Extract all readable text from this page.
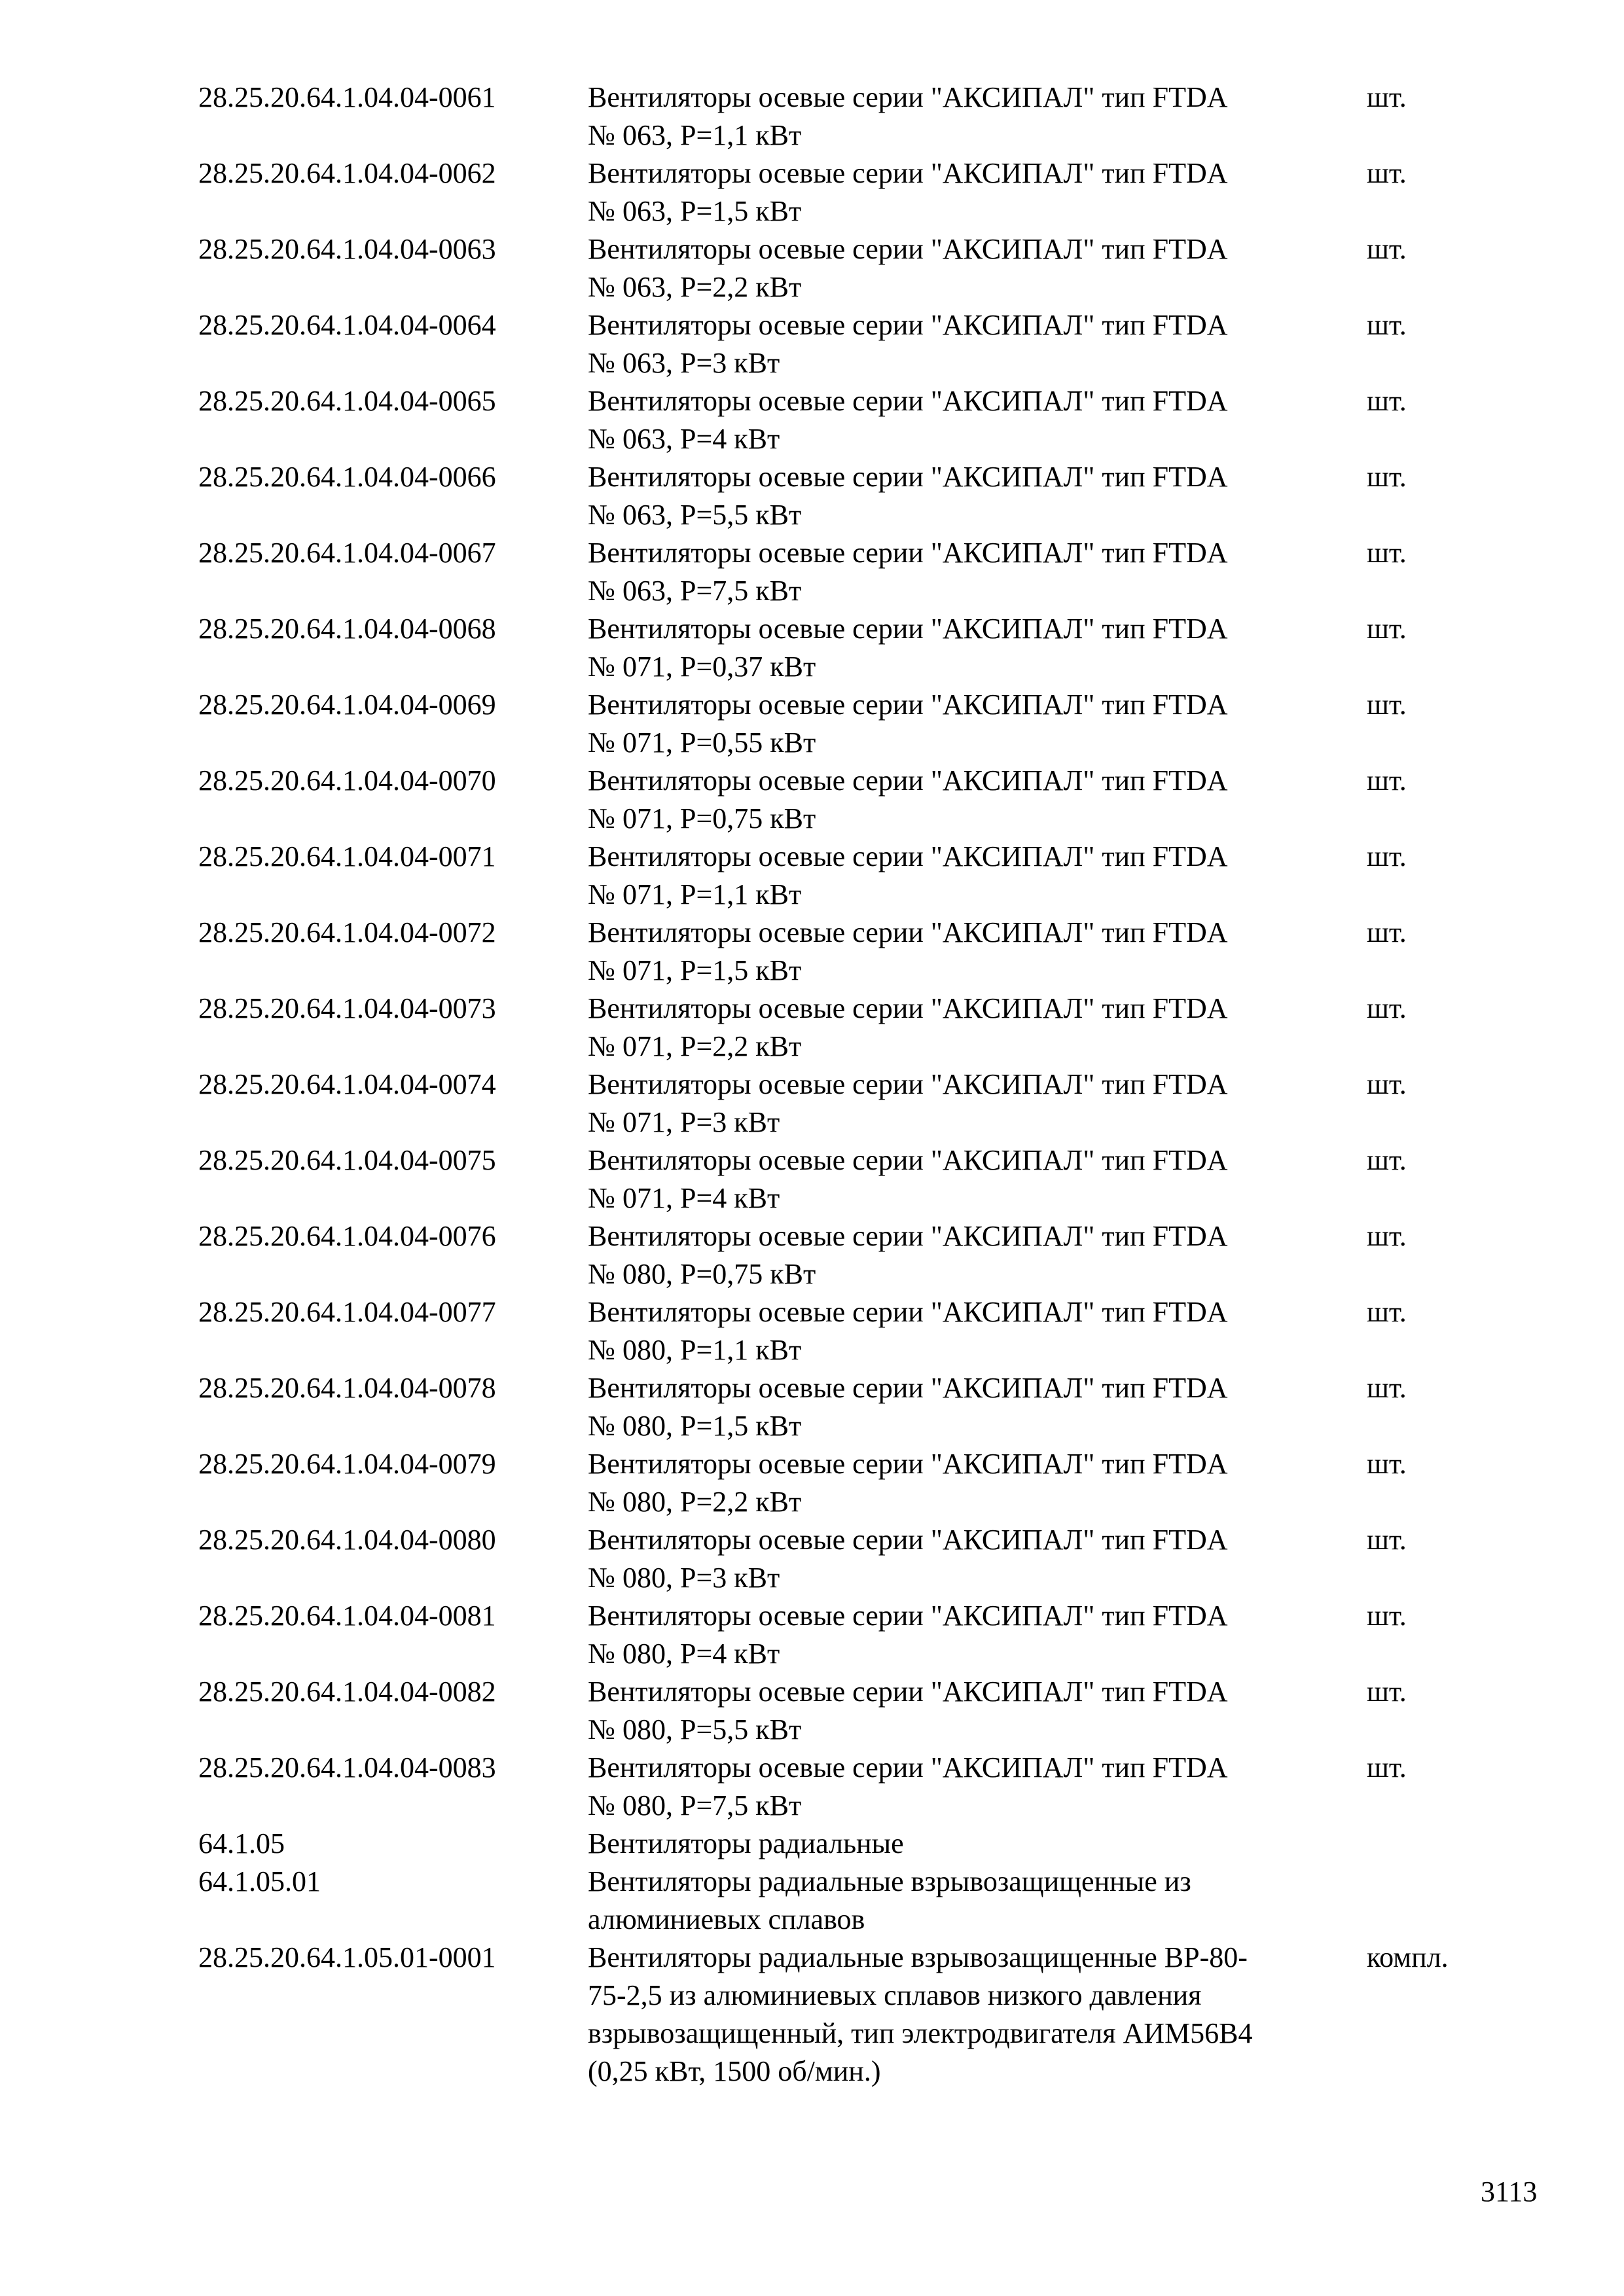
28.25.20.64.1.04.04-0061	Вентиляторы осевые серии "АКСИПАЛ" тип FTDA
№ 063, P=1,1 кВт
шт.
28.25.20.64.1.04.04-0062	Вентиляторы осевые серии "АКСИПАЛ" тип FTDA
№ 063, P=1,5 кВт
шт.
28.25.20.64.1.04.04-0063	Вентиляторы осевые серии "АКСИПАЛ" тип FTDA
№ 063, P=2,2 кВт
шт.
28.25.20.64.1.04.04-0064	Вентиляторы осевые серии "АКСИПАЛ" тип FTDA
№ 063, P=3 кВт
шт.
28.25.20.64.1.04.04-0065	Вентиляторы осевые серии "АКСИПАЛ" тип FTDA
№ 063, P=4 кВт
шт.
28.25.20.64.1.04.04-0066	Вентиляторы осевые серии "АКСИПАЛ" тип FTDA
№ 063, P=5,5 кВт
шт.
28.25.20.64.1.04.04-0067	Вентиляторы осевые серии "АКСИПАЛ" тип FTDA
№ 063, P=7,5 кВт
шт.
28.25.20.64.1.04.04-0068	Вентиляторы осевые серии "АКСИПАЛ" тип FTDA
№ 071, P=0,37 кВт
шт.
28.25.20.64.1.04.04-0069	Вентиляторы осевые серии "АКСИПАЛ" тип FTDA
№ 071, P=0,55 кВт
шт.
28.25.20.64.1.04.04-0070	Вентиляторы осевые серии "АКСИПАЛ" тип FTDA
№ 071, P=0,75 кВт
шт.
28.25.20.64.1.04.04-0071	Вентиляторы осевые серии "АКСИПАЛ" тип FTDA
№ 071, P=1,1 кВт
шт.
28.25.20.64.1.04.04-0072	Вентиляторы осевые серии "АКСИПАЛ" тип FTDA
№ 071, P=1,5 кВт
шт.
28.25.20.64.1.04.04-0073	Вентиляторы осевые серии "АКСИПАЛ" тип FTDA
№ 071, P=2,2 кВт
шт.
28.25.20.64.1.04.04-0074	Вентиляторы осевые серии "АКСИПАЛ" тип FTDA
№ 071, P=3 кВт
шт.
28.25.20.64.1.04.04-0075	Вентиляторы осевые серии "АКСИПАЛ" тип FTDA
№ 071, P=4 кВт
шт.
28.25.20.64.1.04.04-0076	Вентиляторы осевые серии "АКСИПАЛ" тип FTDA
№ 080, P=0,75 кВт
шт.
28.25.20.64.1.04.04-0077	Вентиляторы осевые серии "АКСИПАЛ" тип FTDA
№ 080, P=1,1 кВт
шт.
28.25.20.64.1.04.04-0078	Вентиляторы осевые серии "АКСИПАЛ" тип FTDA
№ 080, P=1,5 кВт
шт.
28.25.20.64.1.04.04-0079	Вентиляторы осевые серии "АКСИПАЛ" тип FTDA
№ 080, P=2,2 кВт
шт.
28.25.20.64.1.04.04-0080	Вентиляторы осевые серии "АКСИПАЛ" тип FTDA
№ 080, P=3 кВт
шт.
28.25.20.64.1.04.04-0081	Вентиляторы осевые серии "АКСИПАЛ" тип FTDA
№ 080, P=4 кВт
шт.
28.25.20.64.1.04.04-0082	Вентиляторы осевые серии "АКСИПАЛ" тип FTDA
№ 080, P=5,5 кВт
шт.
28.25.20.64.1.04.04-0083	Вентиляторы осевые серии "АКСИПАЛ" тип FTDA
№ 080, P=7,5 кВт
шт.
64.1.05	Вентиляторы радиальные
64.1.05.01	Вентиляторы радиальные взрывозащищенные из
алюминиевых сплавов
28.25.20.64.1.05.01-0001	Вентиляторы радиальные взрывозащищенные ВР-80-
75-2,5 из алюминиевых сплавов низкого давления
взрывозащищенный, тип электродвигателя АИМ56В4
(0,25 кВт, 1500 об/мин.)
компл.
3113
